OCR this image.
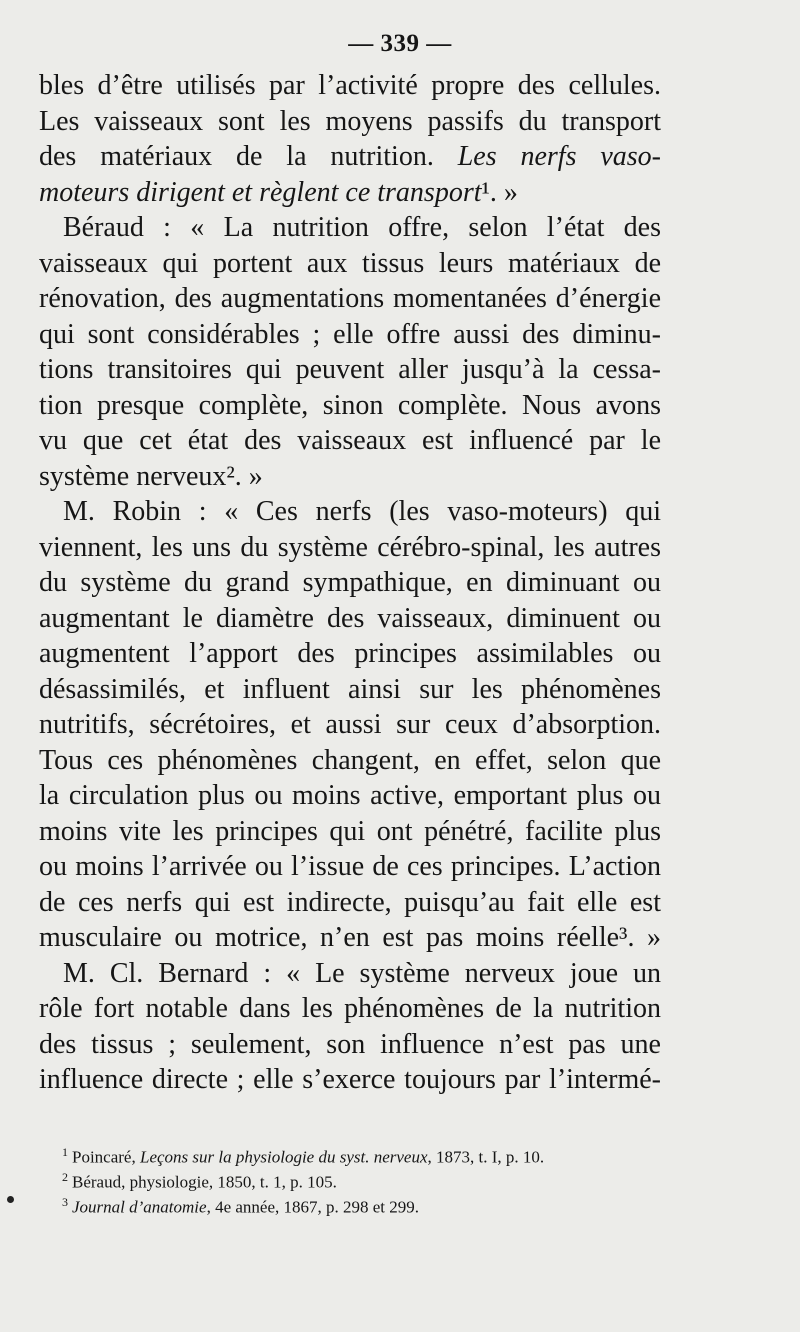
— 339 —
bles d’être utilisés par l’activité propre des cellules.
Les vaisseaux sont les moyens passifs du transport
des matériaux de la nutrition. Les nerfs vaso-
moteurs dirigent et règlent ce transport¹. »
Béraud : « La nutrition offre, selon l’état des
vaisseaux qui portent aux tissus leurs matériaux de
rénovation, des augmentations momentanées d’énergie
qui sont considérables ; elle offre aussi des diminu-
tions transitoires qui peuvent aller jusqu’à la cessa-
tion presque complète, sinon complète. Nous avons
vu que cet état des vaisseaux est influencé par le
système nerveux². »
M. Robin : « Ces nerfs (les vaso-moteurs) qui
viennent, les uns du système cérébro-spinal, les autres
du système du grand sympathique, en diminuant ou
augmentant le diamètre des vaisseaux, diminuent ou
augmentent l’apport des principes assimilables ou
désassimilés, et influent ainsi sur les phénomènes
nutritifs, sécrétoires, et aussi sur ceux d’absorption.
Tous ces phénomènes changent, en effet, selon que
la circulation plus ou moins active, emportant plus ou
moins vite les principes qui ont pénétré, facilite plus
ou moins l’arrivée ou l’issue de ces principes. L’action
de ces nerfs qui est indirecte, puisqu’au fait elle est
musculaire ou motrice, n’en est pas moins réelle³. »
M. Cl. Bernard : « Le système nerveux joue un
rôle fort notable dans les phénomènes de la nutrition
des tissus ; seulement, son influence n’est pas une
influence directe ; elle s’exerce toujours par l’intermé-
$^1$ Poincaré, Leçons sur la physiologie du syst. nerveux, 1873, t. I, p. 10.
$^2$ Béraud, physiologie, 1850, t. 1, p. 105.
$^3$ Journal d’anatomie, 4e année, 1867, p. 298 et 299.
